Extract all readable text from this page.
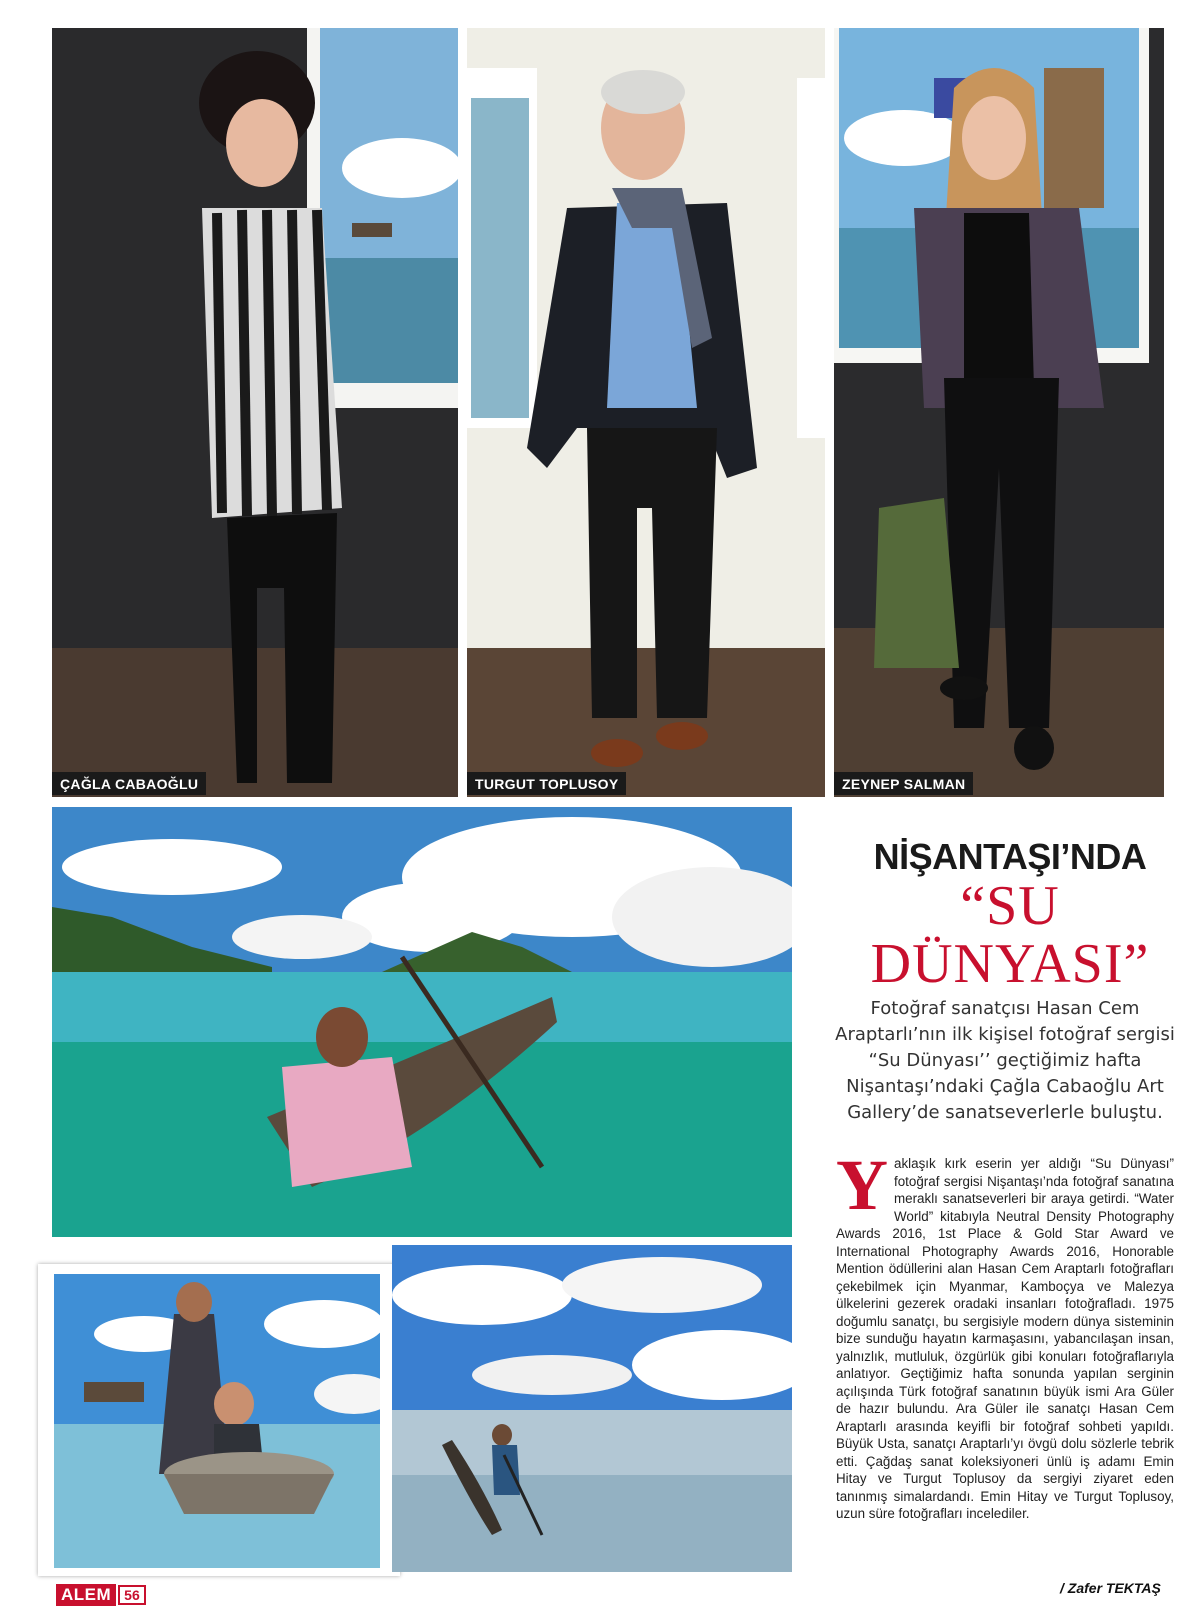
ÇAĞLA CABAOĞLU	TURGUT TOPLUSOY	ZEYNEP SALMAN
NİŞANTAŞI’NDA
“SU
DÜNYASI”
Fotoğraf sanatçısı Hasan Cem Araptarlı’nın ilk kişisel fotoğraf sergisi “Su Dünyası’’ geçtiğimiz hafta Nişantaşı’ndaki Çağla Cabaoğlu Art Gallery’de sanatseverlerle buluştu.
Yaklaşık kırk eserin yer aldığı “Su Dünyası” fotoğraf sergisi Nişantaşı’nda fotoğraf sanatına meraklı sanatseverleri bir araya getirdi. “Water World” kitabıyla Neutral Density Photography Awards 2016, 1st Place & Gold Star Award ve International Photography Awards 2016, Honorable Mention ödüllerini alan Hasan Cem Araptarlı fotoğrafları çekebilmek için Myanmar, Kamboçya ve Malezya ülkelerini gezerek oradaki insanları fotoğrafladı. 1975 doğumlu sanatçı, bu sergisiyle modern dünya sisteminin bize sunduğu hayatın karmaşasını, yabancılaşan insan, yalnızlık, mutluluk, özgürlük gibi konuları fotoğraflarıyla anlatıyor. Geçtiğimiz hafta sonunda yapılan serginin açılışında Türk fotoğraf sanatının büyük ismi Ara Güler de hazır bulundu. Ara Güler ile sanatçı Hasan Cem Araptarlı arasında keyifli bir fotoğraf sohbeti yapıldı. Büyük Usta, sanatçı Araptarlı’yı övgü dolu sözlerle tebrik etti. Çağdaş sanat koleksiyoneri ünlü iş adamı Emin Hitay ve Turgut Toplusoy da sergiyi ziyaret eden tanınmış simalardandı. Emin Hitay ve Turgut Toplusoy, uzun süre fotoğrafları incelediler.
/ Zafer TEKTAŞ
ALEM 56
